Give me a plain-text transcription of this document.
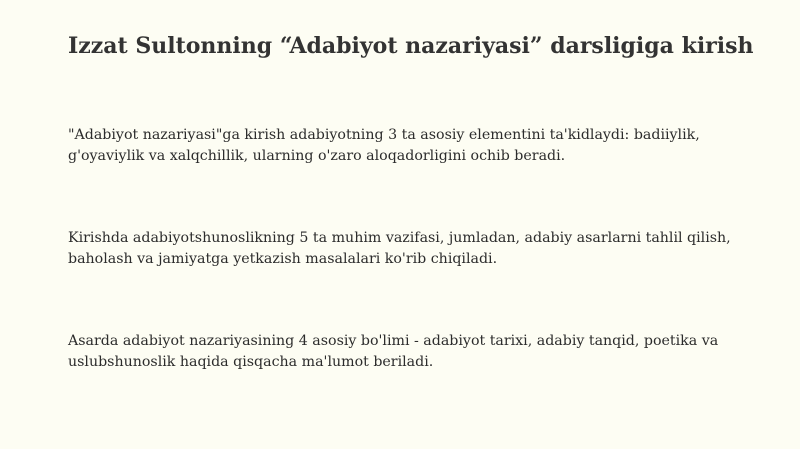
Izzat Sultonning “Adabiyot nazariyasi” darsligiga kirish

"Adabiyot nazariyasi"ga kirish adabiyotning 3 ta asosiy elementini ta'kidlaydi: badiiylik, g'oyaviylik va xalqchillik, ularning o'zaro aloqadorligini ochib beradi.

Kirishda adabiyotshunoslikning 5 ta muhim vazifasi, jumladan, adabiy asarlarni tahlil qilish, baholash va jamiyatga yetkazish masalalari ko'rib chiqiladi.

Asarda adabiyot nazariyasining 4 asosiy bo'limi - adabiyot tarixi, adabiy tanqid, poetika va uslubshunoslik haqida qisqacha ma'lumot beriladi.
